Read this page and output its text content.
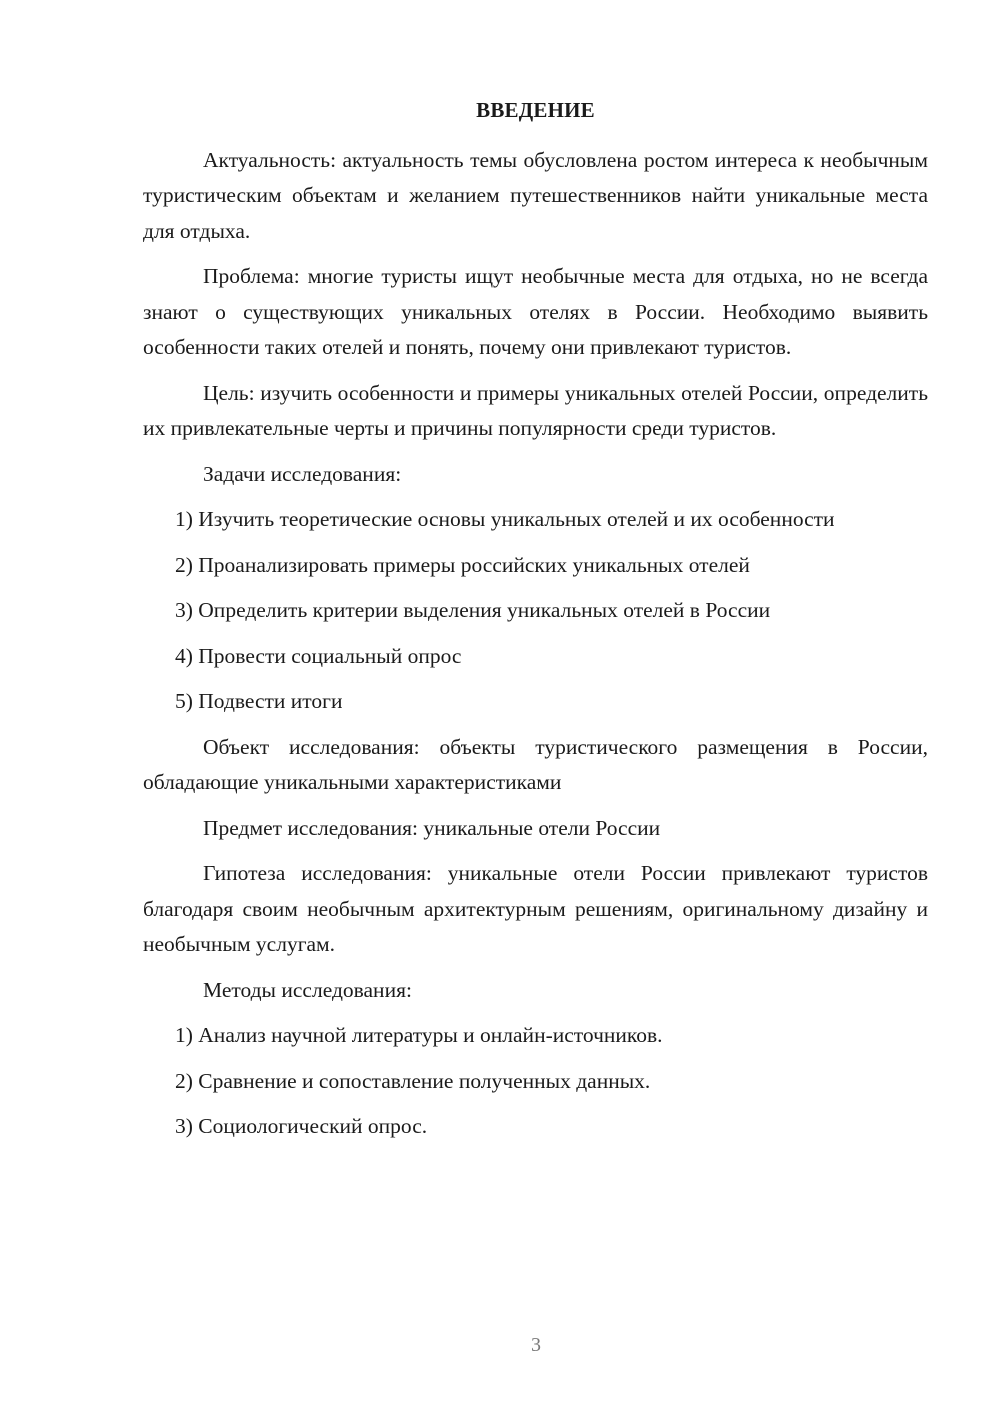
ВВЕДЕНИЕ

Актуальность: актуальность темы обусловлена ростом интереса к необычным туристическим объектам и желанием путешественников найти уникальные места для отдыха.

Проблема: многие туристы ищут необычные места для отдыха, но не всегда знают о существующих уникальных отелях в России. Необходимо выявить особенности таких отелей и понять, почему они привлекают туристов.

Цель: изучить особенности и примеры уникальных отелей России, определить их привлекательные черты и причины популярности среди туристов.

Задачи исследования:

1) Изучить теоретические основы уникальных отелей и их особенности

2) Проанализировать примеры российских уникальных отелей

3) Определить критерии выделения уникальных отелей в России

4) Провести социальный опрос

5) Подвести итоги

Объект исследования: объекты туристического размещения в России, обладающие уникальными характеристиками

Предмет исследования: уникальные отели России

Гипотеза исследования: уникальные отели России привлекают туристов благодаря своим необычным архитектурным решениям, оригинальному дизайну и необычным услугам.

Методы исследования:

1) Анализ научной литературы и онлайн-источников.

2) Сравнение и сопоставление полученных данных.

3) Социологический опрос.

3
